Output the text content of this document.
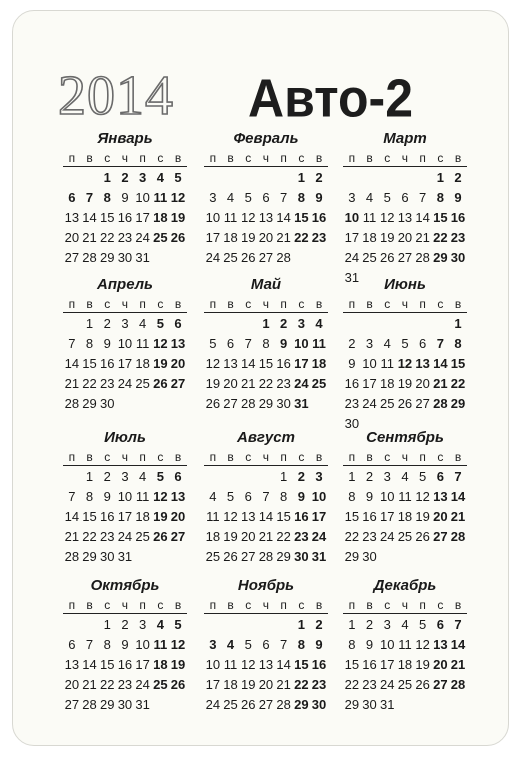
2014 Авто-2
Январь
п в с ч п с в
1 2 3 4 5
6 7 8 9 10 11 12
13 14 15 16 17 18 19
20 21 22 23 24 25 26
27 28 29 30 31
Февраль
п в с ч п с в
1 2
3 4 5 6 7 8 9
10 11 12 13 14 15 16
17 18 19 20 21 22 23
24 25 26 27 28
Март
п в с ч п с в
1 2
3 4 5 6 7 8 9
10 11 12 13 14 15 16
17 18 19 20 21 22 23
24 25 26 27 28 29 30
31
Апрель
п в с ч п с в
1 2 3 4 5 6
7 8 9 10 11 12 13
14 15 16 17 18 19 20
21 22 23 24 25 26 27
28 29 30
Май
п в с ч п с в
1 2 3 4
5 6 7 8 9 10 11
12 13 14 15 16 17 18
19 20 21 22 23 24 25
26 27 28 29 30 31
Июнь
п в с ч п с в
1
2 3 4 5 6 7 8
9 10 11 12 13 14 15
16 17 18 19 20 21 22
23 24 25 26 27 28 29
30
Июль
п в с ч п с в
1 2 3 4 5 6
7 8 9 10 11 12 13
14 15 16 17 18 19 20
21 22 23 24 25 26 27
28 29 30 31
Август
п в с ч п с в
1 2 3
4 5 6 7 8 9 10
11 12 13 14 15 16 17
18 19 20 21 22 23 24
25 26 27 28 29 30 31
Сентябрь
п в с ч п с в
1 2 3 4 5 6 7
8 9 10 11 12 13 14
15 16 17 18 19 20 21
22 23 24 25 26 27 28
29 30
Октябрь
п в с ч п с в
1 2 3 4 5
6 7 8 9 10 11 12
13 14 15 16 17 18 19
20 21 22 23 24 25 26
27 28 29 30 31
Ноябрь
п в с ч п с в
1 2
3 4 5 6 7 8 9
10 11 12 13 14 15 16
17 18 19 20 21 22 23
24 25 26 27 28 29 30
Декабрь
п в с ч п с в
1 2 3 4 5 6 7
8 9 10 11 12 13 14
15 16 17 18 19 20 21
22 23 24 25 26 27 28
29 30 31
